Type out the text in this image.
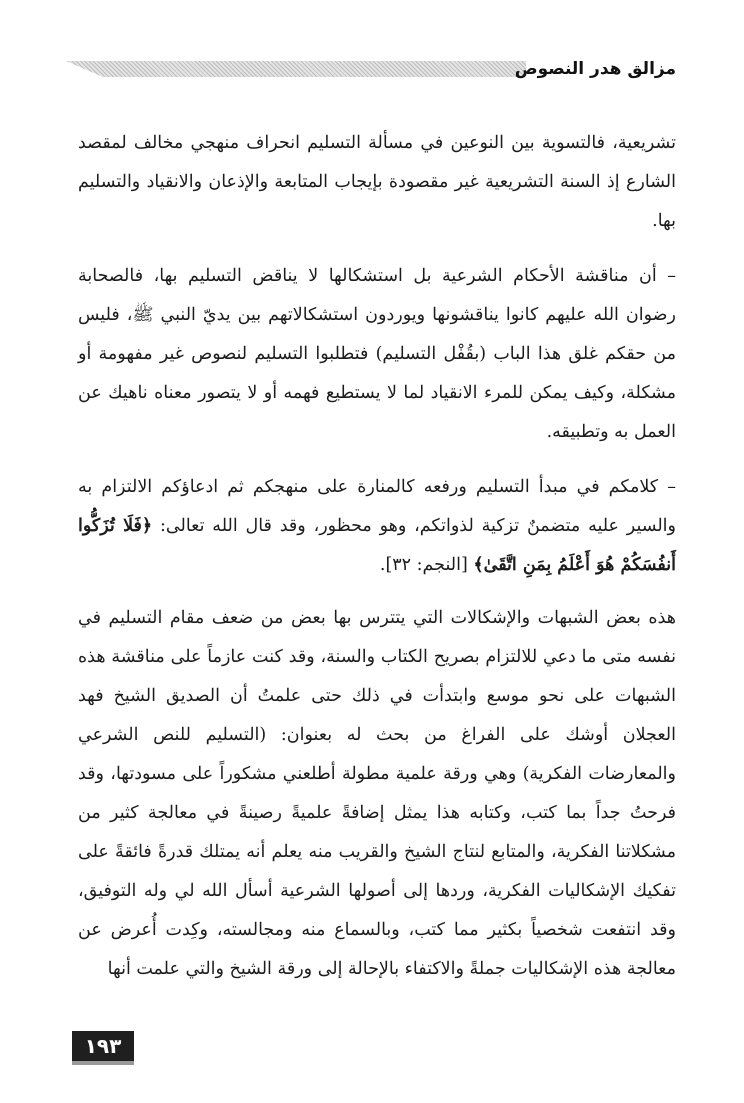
مزالق هدر النصوص

تشريعية، فالتسوية بين النوعين في مسألة التسليم انحراف منهجي مخالف لمقصد الشارع إذ السنة التشريعية غير مقصودة بإيجاب المتابعة والإذعان والانقياد والتسليم بها.

– أن مناقشة الأحكام الشرعية بل استشكالها لا يناقض التسليم بها، فالصحابة رضوان الله عليهم كانوا يناقشونها ويوردون استشكالاتهم بين يديّ النبي ﷺ، فليس من حقكم غلق هذا الباب (بقُفْل التسليم) فتطلبوا التسليم لنصوص غير مفهومة أو مشكلة، وكيف يمكن للمرء الانقياد لما لا يستطيع فهمه أو لا يتصور معناه ناهيك عن العمل به وتطبيقه.

– كلامكم في مبدأ التسليم ورفعه كالمنارة على منهجكم ثم ادعاؤكم الالتزام به والسير عليه متضمنٌ تزكية لذواتكم، وهو محظور، وقد قال الله تعالى: ﴿فَلَا تُزَكُّوا أَنفُسَكُمْ هُوَ أَعْلَمُ بِمَنِ اتَّقَىٰ﴾ [النجم: ٣٢].

هذه بعض الشبهات والإشكالات التي يتترس بها بعض من ضعف مقام التسليم في نفسه متى ما دعي للالتزام بصريح الكتاب والسنة، وقد كنت عازماً على مناقشة هذه الشبهات على نحو موسع وابتدأت في ذلك حتى علمتُ أن الصديق الشيخ فهد العجلان أوشك على الفراغ من بحث له بعنوان: (التسليم للنص الشرعي والمعارضات الفكرية) وهي ورقة علمية مطولة أطلعني مشكوراً على مسودتها، وقد فرحتُ جداً بما كتب، وكتابه هذا يمثل إضافةً علميةً رصينةً في معالجة كثير من مشكلاتنا الفكرية، والمتابع لنتاج الشيخ والقريب منه يعلم أنه يمتلك قدرةً فائقةً على تفكيك الإشكاليات الفكرية، وردها إلى أصولها الشرعية أسأل الله لي وله التوفيق، وقد انتفعت شخصياً بكثير مما كتب، وبالسماع منه ومجالسته، وكِدت أُعرض عن معالجة هذه الإشكاليات جملةً والاكتفاء بالإحالة إلى ورقة الشيخ والتي علمت أنها

١٩٣
